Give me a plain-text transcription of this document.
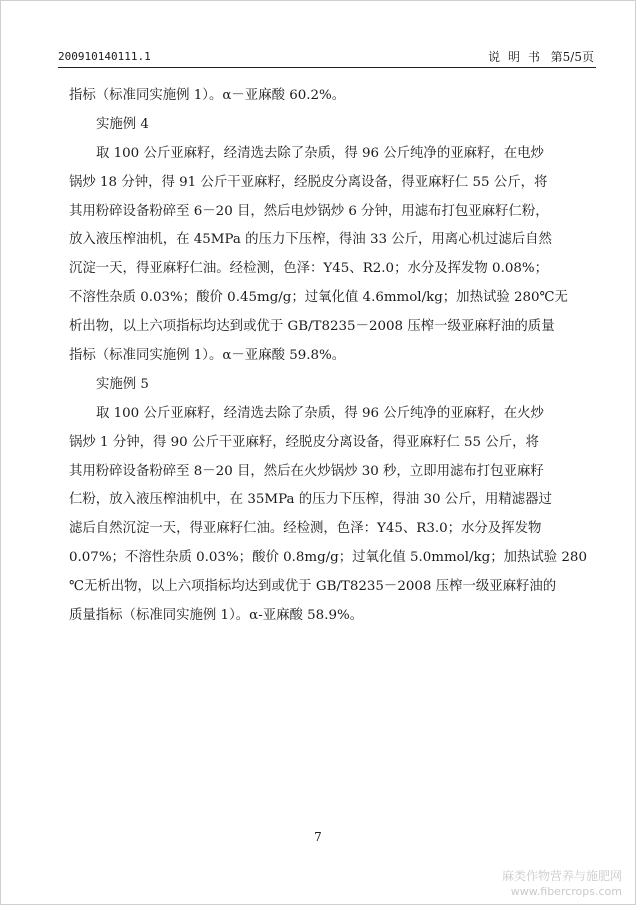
200910140111.1	说明书 第5/5页
指标（标准同实施例 1）。α－亚麻酸 60.2%。
实施例 4
取 100 公斤亚麻籽，经清选去除了杂质，得 96 公斤纯净的亚麻籽，在电炒
锅炒 18 分钟，得 91 公斤干亚麻籽，经脱皮分离设备，得亚麻籽仁 55 公斤，将
其用粉碎设备粉碎至 6－20 目，然后电炒锅炒 6 分钟，用滤布打包亚麻籽仁粉，
放入液压榨油机，在 45MPa 的压力下压榨，得油 33 公斤，用离心机过滤后自然
沉淀一天，得亚麻籽仁油。经检测，色泽：Y45、R2.0；水分及挥发物 0.08%；
不溶性杂质 0.03%；酸价 0.45mg/g；过氧化值 4.6mmol/kg；加热试验 280℃无
析出物，以上六项指标均达到或优于 GB/T8235－2008 压榨一级亚麻籽油的质量
指标（标准同实施例 1）。α－亚麻酸 59.8%。
实施例 5
取 100 公斤亚麻籽，经清选去除了杂质，得 96 公斤纯净的亚麻籽，在火炒
锅炒 1 分钟，得 90 公斤干亚麻籽，经脱皮分离设备，得亚麻籽仁 55 公斤，将
其用粉碎设备粉碎至 8－20 目，然后在火炒锅炒 30 秒，立即用滤布打包亚麻籽
仁粉，放入液压榨油机中，在 35MPa 的压力下压榨，得油 30 公斤，用精滤器过
滤后自然沉淀一天，得亚麻籽仁油。经检测，色泽：Y45、R3.0；水分及挥发物
0.07%；不溶性杂质 0.03%；酸价 0.8mg/g；过氧化值 5.0mmol/kg；加热试验 280
℃无析出物，以上六项指标均达到或优于 GB/T8235－2008 压榨一级亚麻籽油的
质量指标（标准同实施例 1）。α-亚麻酸 58.9%。
7
麻类作物营养与施肥网
www.fibercrops.com
